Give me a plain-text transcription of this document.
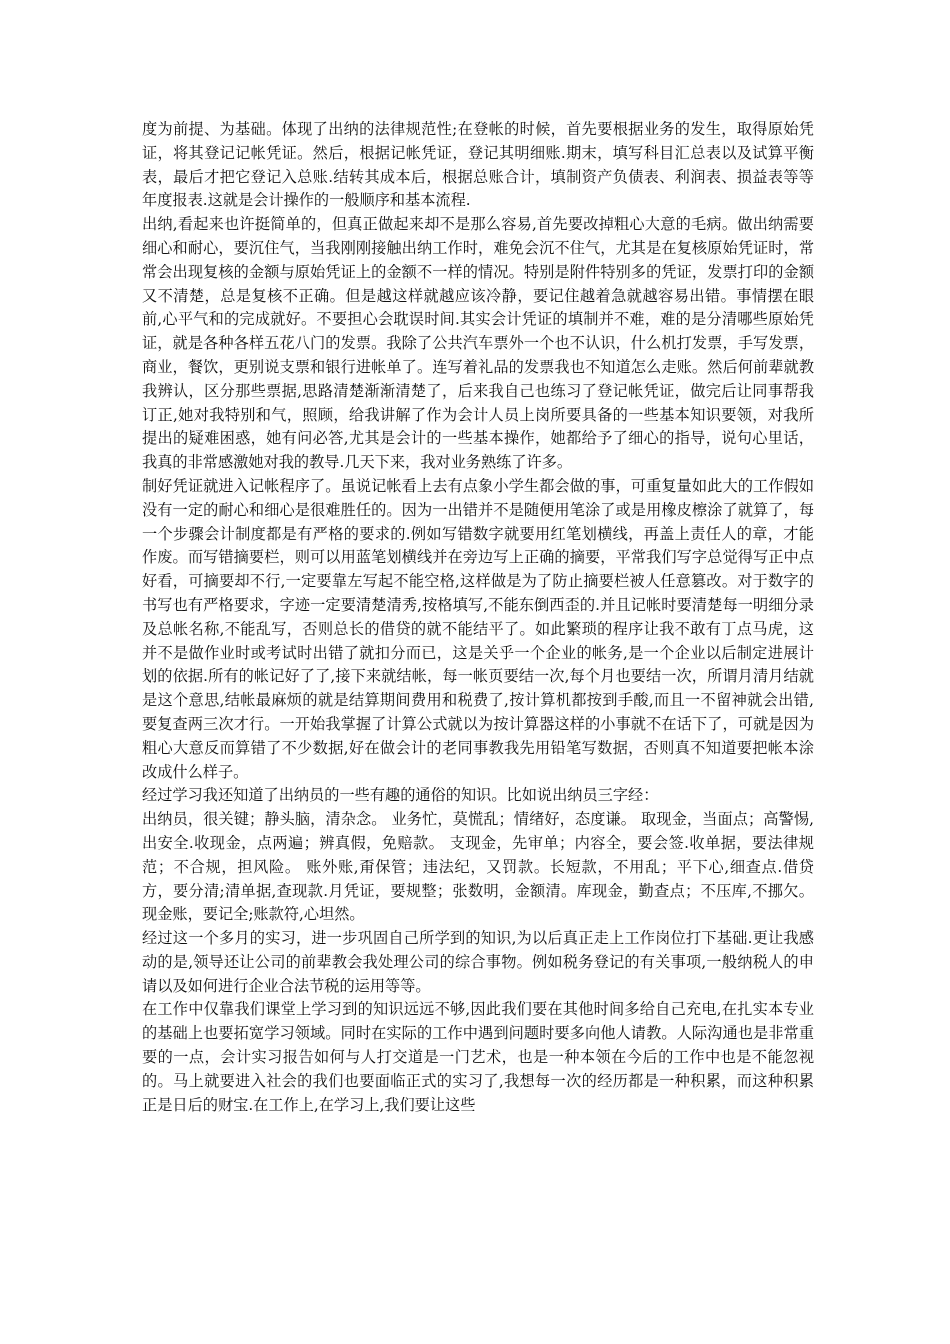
度为前提、为基础。体现了出纳的法律规范性;在登帐的时候，首先要根据业务的发生，取得原始凭证，将其登记记帐凭证。然后，根据记帐凭证，登记其明细账.期末，填写科目汇总表以及试算平衡表，最后才把它登记入总账.结转其成本后，根据总账合计，填制资产负债表、利润表、损益表等等年度报表.这就是会计操作的一般顺序和基本流程.

出纳,看起来也许挺简单的，但真正做起来却不是那么容易,首先要改掉粗心大意的毛病。做出纳需要细心和耐心，要沉住气，当我刚刚接触出纳工作时，难免会沉不住气，尤其是在复核原始凭证时，常常会出现复核的金额与原始凭证上的金额不一样的情况。特别是附件特别多的凭证，发票打印的金额又不清楚，总是复核不正确。但是越这样就越应该冷静，要记住越着急就越容易出错。事情摆在眼前,心平气和的完成就好。不要担心会耽误时间.其实会计凭证的填制并不难，难的是分清哪些原始凭证，就是各种各样五花八门的发票。我除了公共汽车票外一个也不认识，什么机打发票，手写发票，商业，餐饮，更别说支票和银行进帐单了。连写着礼品的发票我也不知道怎么走账。然后何前辈就教我辨认，区分那些票据,思路清楚渐渐清楚了，后来我自己也练习了登记帐凭证，做完后让同事帮我订正,她对我特别和气，照顾，给我讲解了作为会计人员上岗所要具备的一些基本知识要领，对我所提出的疑难困惑，她有问必答,尤其是会计的一些基本操作，她都给予了细心的指导，说句心里话，我真的非常感激她对我的教导.几天下来，我对业务熟练了许多。

制好凭证就进入记帐程序了。虽说记帐看上去有点象小学生都会做的事，可重复量如此大的工作假如没有一定的耐心和细心是很难胜任的。因为一出错并不是随便用笔涂了或是用橡皮檫涂了就算了，每一个步骤会计制度都是有严格的要求的.例如写错数字就要用红笔划横线，再盖上责任人的章，才能作废。而写错摘要栏，则可以用蓝笔划横线并在旁边写上正确的摘要，平常我们写字总觉得写正中点好看，可摘要却不行,一定要靠左写起不能空格,这样做是为了防止摘要栏被人任意篡改。对于数字的书写也有严格要求，字迹一定要清楚清秀,按格填写,不能东倒西歪的.并且记帐时要清楚每一明细分录及总帐名称,不能乱写，否则总长的借贷的就不能结平了。如此繁琐的程序让我不敢有丁点马虎，这并不是做作业时或考试时出错了就扣分而已，这是关乎一个企业的帐务,是一个企业以后制定进展计划的依据.所有的帐记好了了,接下来就结帐，每一帐页要结一次,每个月也要结一次，所谓月清月结就是这个意思,结帐最麻烦的就是结算期间费用和税费了,按计算机都按到手酸,而且一不留神就会出错,要复查两三次才行。一开始我掌握了计算公式就以为按计算器这样的小事就不在话下了，可就是因为粗心大意反而算错了不少数据,好在做会计的老同事教我先用铅笔写数据，否则真不知道要把帐本涂改成什么样子。

经过学习我还知道了出纳员的一些有趣的通俗的知识。比如说出纳员三字经：

出纳员，很关键；静头脑，清杂念。 业务忙，莫慌乱；情绪好，态度谦。 取现金，当面点；高警惕,出安全.收现金，点两遍；辨真假，免赔款。 支现金，先审单；内容全，要会签.收单据，要法律规范；不合规，担风险。 账外账,甭保管；违法纪，又罚款。长短款，不用乱；平下心,细查点.借贷方，要分清;清单据,查现款.月凭证，要规整；张数明，金额清。库现金，勤查点；不压库,不挪欠。现金账，要记全;账款符,心坦然。

经过这一个多月的实习，进一步巩固自己所学到的知识,为以后真正走上工作岗位打下基础.更让我感动的是,领导还让公司的前辈教会我处理公司的综合事物。例如税务登记的有关事项,一般纳税人的申请以及如何进行企业合法节税的运用等等。

在工作中仅靠我们课堂上学习到的知识远远不够,因此我们要在其他时间多给自己充电,在扎实本专业的基础上也要拓宽学习领域。同时在实际的工作中遇到问题时要多向他人请教。人际沟通也是非常重要的一点，会计实习报告如何与人打交道是一门艺术，也是一种本领在今后的工作中也是不能忽视的。马上就要进入社会的我们也要面临正式的实习了,我想每一次的经历都是一种积累，而这种积累正是日后的财宝.在工作上,在学习上,我们要让这些
